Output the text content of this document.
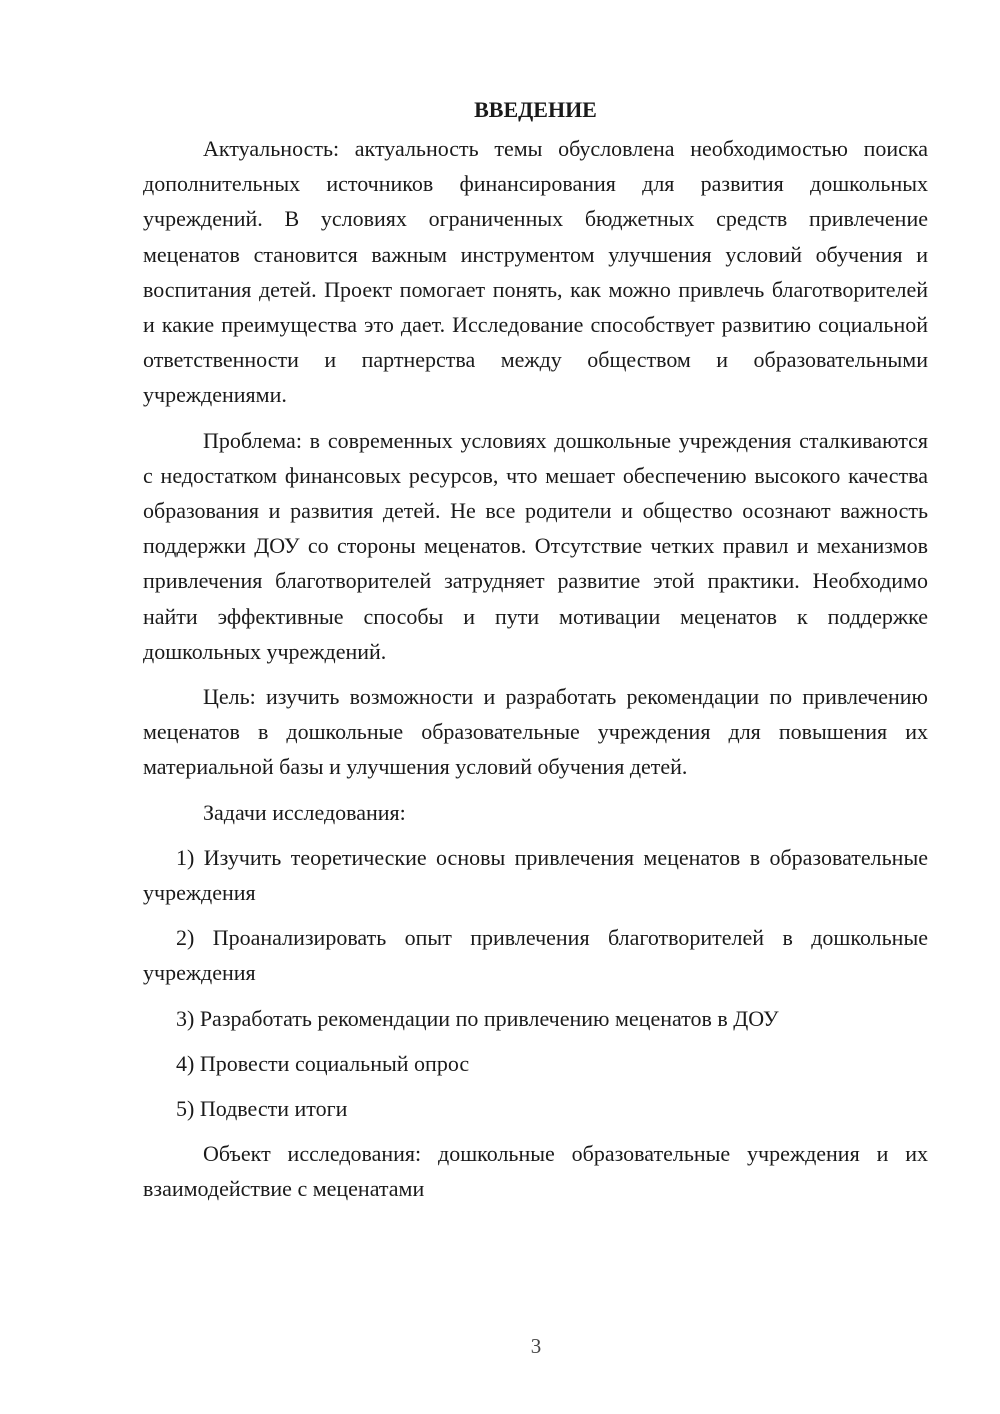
ВВЕДЕНИЕ

Актуальность: актуальность темы обусловлена необходимостью поиска дополнительных источников финансирования для развития дошкольных учреждений. В условиях ограниченных бюджетных средств привлечение меценатов становится важным инструментом улучшения условий обучения и воспитания детей. Проект помогает понять, как можно привлечь благотворителей и какие преимущества это дает. Исследование способствует развитию социальной ответственности и партнерства между обществом и образовательными учреждениями.

Проблема: в современных условиях дошкольные учреждения сталкиваются с недостатком финансовых ресурсов, что мешает обеспечению высокого качества образования и развития детей. Не все родители и общество осознают важность поддержки ДОУ со стороны меценатов. Отсутствие четких правил и механизмов привлечения благотворителей затрудняет развитие этой практики. Необходимо найти эффективные способы и пути мотивации меценатов к поддержке дошкольных учреждений.

Цель: изучить возможности и разработать рекомендации по привлечению меценатов в дошкольные образовательные учреждения для повышения их материальной базы и улучшения условий обучения детей.

Задачи исследования:

1) Изучить теоретические основы привлечения меценатов в образовательные учреждения

2) Проанализировать опыт привлечения благотворителей в дошкольные учреждения

3) Разработать рекомендации по привлечению меценатов в ДОУ

4) Провести социальный опрос

5) Подвести итоги

Объект исследования: дошкольные образовательные учреждения и их взаимодействие с меценатами

3
